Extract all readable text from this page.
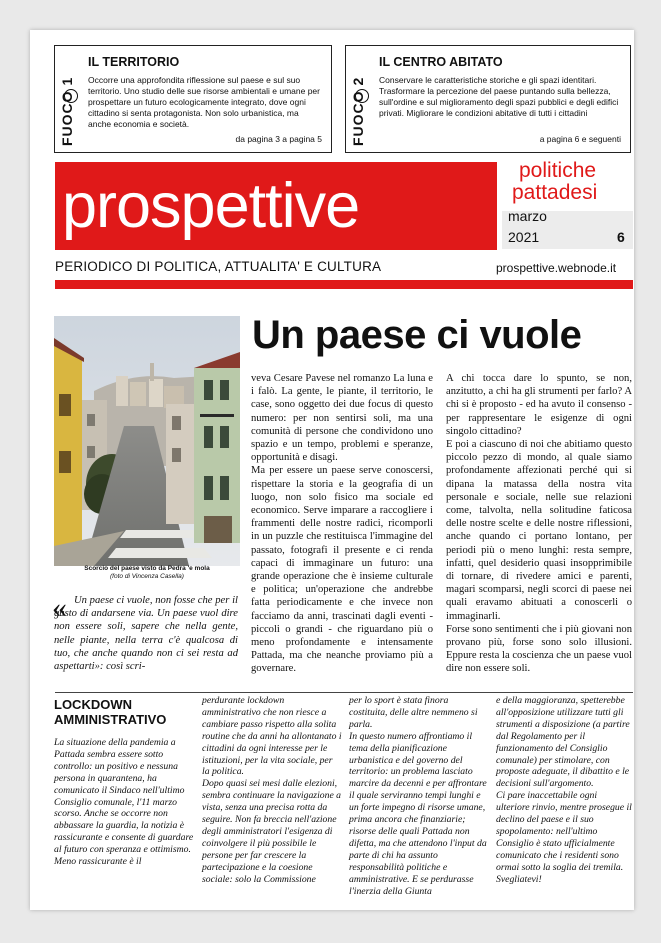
FUOCO 1
IL TERRITORIO
Occorre una approfondita riflessione sul paese e sul suo territorio. Uno studio delle sue risorse ambientali e umane per prospettare un futuro ecologicamente integrato, dove ogni cittadino si senta protagonista. Non solo urbanistica, ma anche economia e società.
da pagina 3 a pagina 5 FUOCO 2
IL CENTRO ABITATO
Conservare le caratteristiche storiche e gli spazi identitari. Trasformare la percezione del paese puntando sulla bellezza, sull'ordine e sul miglioramento degli spazi pubblici e degli edifici privati. Migliorare le condizioni abitative di tutti i cittadini
a pagina 6 e seguenti
prospettive
politiche
pattadesi
marzo
2021	6
PERIODICO DI POLITICA, ATTUALITA' E CULTURA	prospettive.webnode.it
Scorcio del paese visto da Pedra 'e mola
(foto di Vincenza Casella)
Un paese ci vuole
« Un paese ci vuole, non fosse che per il gusto di andarsene via. Un paese vuol dire non essere soli, sapere che nella gente, nelle piante, nella terra c'è qualcosa di tuo, che anche quando non ci sei resta ad aspettarti»: così scri-
veva Cesare Pavese nel romanzo La luna e i falò. La gente, le piante, il territorio, le case, sono oggetto dei due focus di questo numero: per non sentirsi soli, ma una comunità di persone che condividono uno spazio e un tempo, problemi e speranze, opportunità e disagi.
Ma per essere un paese serve conoscersi, rispettare la storia e la geografia di un luogo, non solo fisico ma sociale ed economico. Serve imparare a raccogliere i frammenti delle nostre radici, ricomporli in un puzzle che restituisca l'immagine del passato, fotografi il presente e ci renda capaci di immaginare un futuro: una grande operazione che è insieme culturale e politica; un'operazione che andrebbe fatta periodicamente e che invece non facciamo da anni, trascinati dagli eventi - piccoli o grandi - che riguardano più o meno profondamente e intensamente Pattada, ma che neanche proviamo più a governare.
A chi tocca dare lo spunto, se non, anzitutto, a chi ha gli strumenti per farlo? A chi si è proposto - ed ha avuto il consenso - per rappresentare le esigenze di ogni singolo cittadino?
E poi a ciascuno di noi che abitiamo questo piccolo pezzo di mondo, al quale siamo profondamente affezionati perché qui si dipana la matassa della nostra vita personale e sociale, nelle sue relazioni come, talvolta, nella solitudine faticosa delle nostre scelte e delle nostre riflessioni, anche quando ci portano lontano, per periodi più o meno lunghi: resta sempre, infatti, quel desiderio quasi insopprimibile di tornare, di rivedere amici e parenti, magari scomparsi, negli scorci di paese nei quali eravamo abituati a conoscerli o immaginarli.
Forse sono sentimenti che i più giovani non provano più, forse sono solo illusioni. Eppure resta la coscienza che un paese vuol dire non essere soli.
LOCKDOWN
AMMINISTRATIVO
La situazione della pandemia a Pattada sembra essere sotto controllo: un positivo e nessuna persona in quarantena, ha comunicato il Sindaco nell'ultimo Consiglio comunale, l'11 marzo scorso. Anche se occorre non abbassare la guardia, la notizia è rassicurante e consente di guardare al futuro con speranza e ottimismo.
Meno rassicurante è il
perdurante lockdown amministrativo che non riesce a cambiare passo rispetto alla solita routine che da anni ha allontanato i cittadini da ogni interesse per le istituzioni, per la vita sociale, per la politica.
Dopo quasi sei mesi dalle elezioni, sembra continuare la navigazione a vista, senza una precisa rotta da seguire. Non fa breccia nell'azione degli amministratori l'esigenza di coinvolgere il più possibile le persone per far crescere la partecipazione e la coesione sociale: solo la Commissione
per lo sport è stata finora costituita, delle altre nemmeno si parla.
In questo numero affrontiamo il tema della pianificazione urbanistica e del governo del territorio: un problema lasciato marcire da decenni e per affrontare il quale serviranno tempi lunghi e un forte impegno di risorse umane, prima ancora che finanziarie; risorse delle quali Pattada non difetta, ma che attendono l'input da parte di chi ha assunto responsabilità politiche e amministrative. E se perdurasse l'inerzia della Giunta
e della maggioranza, spetterebbe all'opposizione utilizzare tutti gli strumenti a disposizione (a partire dal Regolamento per il funzionamento del Consiglio comunale) per stimolare, con proposte adeguate, il dibattito e le decisioni sull'argomento.
Ci pare inaccettabile ogni ulteriore rinvio, mentre prosegue il declino del paese e il suo spopolamento: nell'ultimo Consiglio è stato ufficialmente comunicato che i residenti sono ormai sotto la soglia dei tremila.
Svegliatevi!
